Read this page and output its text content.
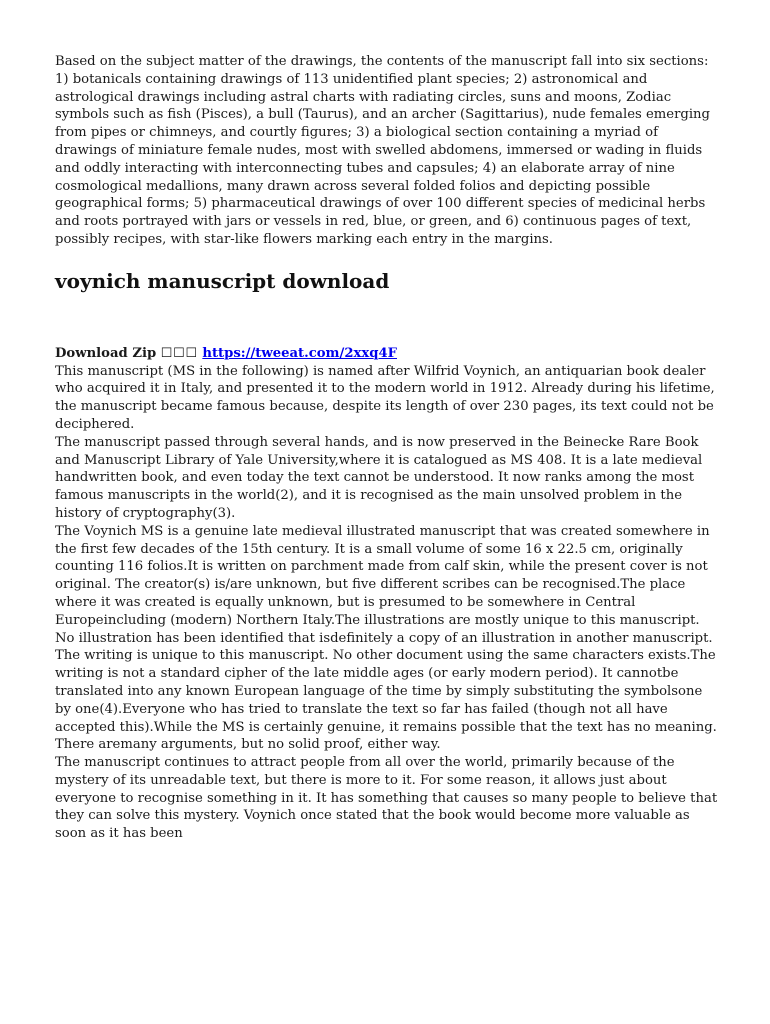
Based on the subject matter of the drawings, the contents of the manuscript fall into six sections: 1) botanicals containing drawings of 113 unidentified plant species; 2) astronomical and astrological drawings including astral charts with radiating circles, suns and moons, Zodiac symbols such as fish (Pisces), a bull (Taurus), and an archer (Sagittarius), nude females emerging from pipes or chimneys, and courtly figures; 3) a biological section containing a myriad of drawings of miniature female nudes, most with swelled abdomens, immersed or wading in fluids and oddly interacting with interconnecting tubes and capsules; 4) an elaborate array of nine cosmological medallions, many drawn across several folded folios and depicting possible geographical forms; 5) pharmaceutical drawings of over 100 different species of medicinal herbs and roots portrayed with jars or vessels in red, blue, or green, and 6) continuous pages of text, possibly recipes, with star-like flowers marking each entry in the margins.

voynich manuscript download
Download Zip ☐☐☐ https://tweeat.com/2xxq4F

This manuscript (MS in the following) is named after Wilfrid Voynich, an antiquarian book dealer who acquired it in Italy, and presented it to the modern world in 1912. Already during his lifetime, the manuscript became famous because, despite its length of over 230 pages, its text could not be deciphered.

The manuscript passed through several hands, and is now preserved in the Beinecke Rare Book and Manuscript Library of Yale University,where it is catalogued as MS 408. It is a late medieval handwritten book, and even today the text cannot be understood. It now ranks among the most famous manuscripts in the world(2), and it is recognised as the main unsolved problem in the history of cryptography(3).

The Voynich MS is a genuine late medieval illustrated manuscript that was created somewhere in the first few decades of the 15th century. It is a small volume of some 16 x 22.5 cm, originally counting 116 folios.It is written on parchment made from calf skin, while the present cover is not original. The creator(s) is/are unknown, but five different scribes can be recognised.The place where it was created is equally unknown, but is presumed to be somewhere in Central Europeincluding (modern) Northern Italy.The illustrations are mostly unique to this manuscript. No illustration has been identified that isdefinitely a copy of an illustration in another manuscript.

The writing is unique to this manuscript. No other document using the same characters exists.The writing is not a standard cipher of the late middle ages (or early modern period). It cannotbe translated into any known European language of the time by simply substituting the symbolsone by one(4).Everyone who has tried to translate the text so far has failed (though not all have accepted this).While the MS is certainly genuine, it remains possible that the text has no meaning. There aremany arguments, but no solid proof, either way.

The manuscript continues to attract people from all over the world, primarily because of the mystery of its unreadable text, but there is more to it. For some reason, it allows just about everyone to recognise something in it. It has something that causes so many people to believe that they can solve this mystery. Voynich once stated that the book would become more valuable as soon as it has been
